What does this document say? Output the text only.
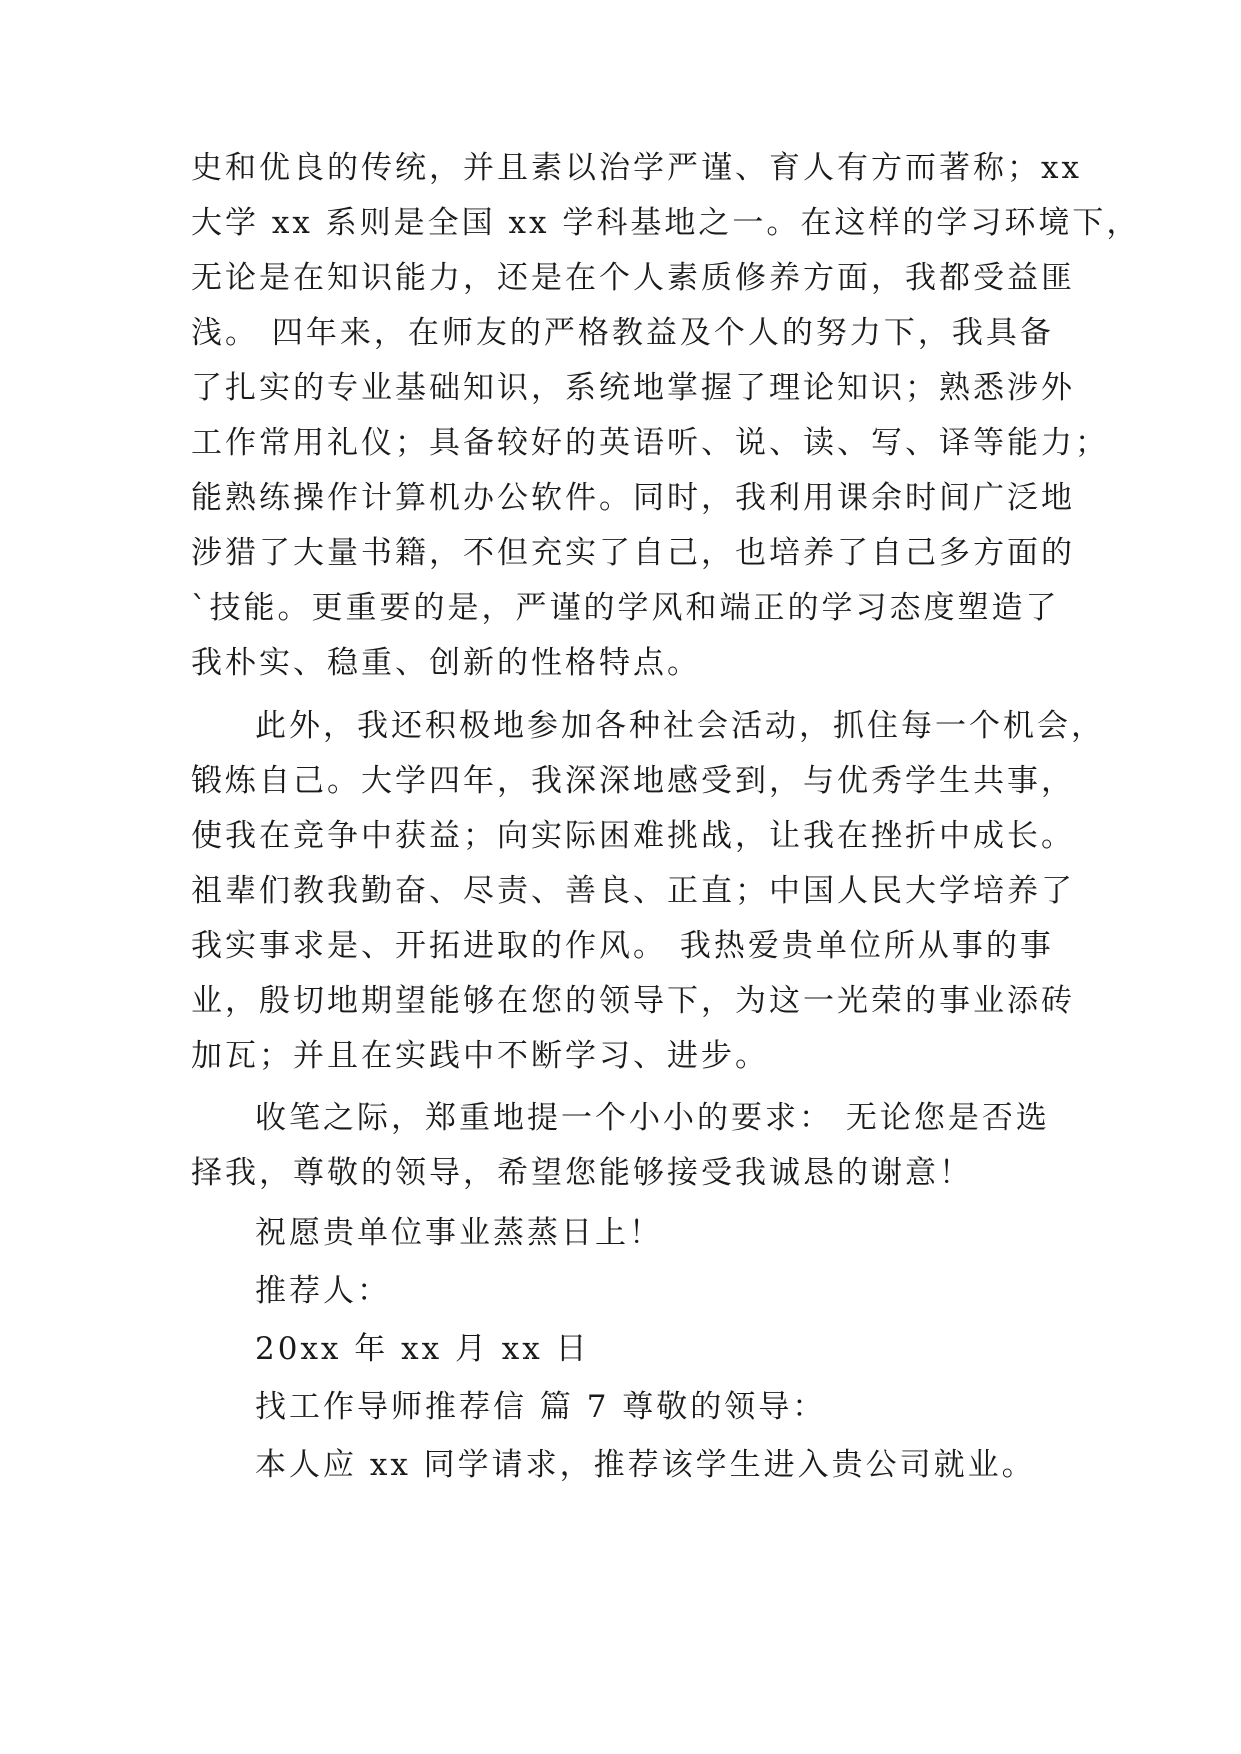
史和优良的传统，并且素以治学严谨、育人有方而著称；xx
大学 xx 系则是全国 xx 学科基地之一。在这样的学习环境下，
无论是在知识能力，还是在个人素质修养方面，我都受益匪
浅。 四年来，在师友的严格教益及个人的努力下，我具备
了扎实的专业基础知识，系统地掌握了理论知识；熟悉涉外
工作常用礼仪；具备较好的英语听、说、读、写、译等能力；
能熟练操作计算机办公软件。同时，我利用课余时间广泛地
涉猎了大量书籍，不但充实了自己，也培养了自己多方面的
`技能。更重要的是，严谨的学风和端正的学习态度塑造了
我朴实、稳重、创新的性格特点。
此外，我还积极地参加各种社会活动，抓住每一个机会，
锻炼自己。大学四年，我深深地感受到，与优秀学生共事，
使我在竞争中获益；向实际困难挑战，让我在挫折中成长。
祖辈们教我勤奋、尽责、善良、正直；中国人民大学培养了
我实事求是、开拓进取的作风。 我热爱贵单位所从事的事
业，殷切地期望能够在您的领导下，为这一光荣的事业添砖
加瓦；并且在实践中不断学习、进步。
收笔之际，郑重地提一个小小的要求： 无论您是否选
择我，尊敬的领导，希望您能够接受我诚恳的谢意！
祝愿贵单位事业蒸蒸日上！
推荐人：
20xx 年 xx 月 xx 日
找工作导师推荐信 篇 7 尊敬的领导：
本人应 xx 同学请求，推荐该学生进入贵公司就业。
